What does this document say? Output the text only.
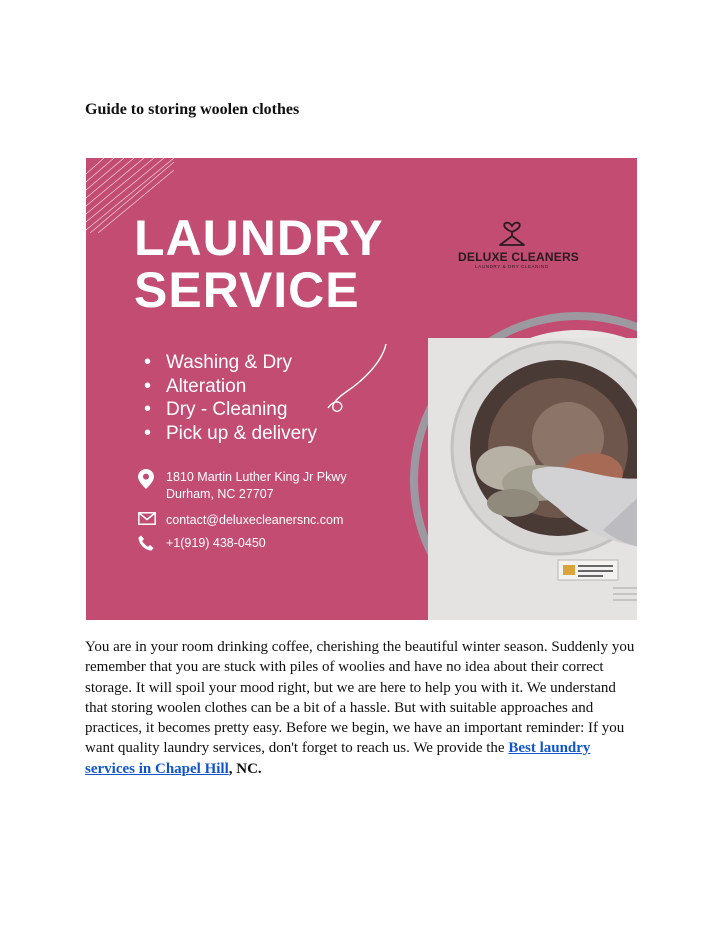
Guide to storing woolen clothes
LAUNDRY
SERVICE
DELUXE CLEANERS
LAUNDRY & DRY CLEANING
• Washing & Dry
• Alteration
• Dry - Cleaning
• Pick up & delivery
1810 Martin Luther King Jr Pkwy
Durham, NC 27707
contact@deluxecleanersnc.com
+1(919) 438-0450

You are in your room drinking coffee, cherishing the beautiful winter season. Suddenly you remember that you are stuck with piles of woolies and have no idea about their correct storage. It will spoil your mood right, but we are here to help you with it. We understand that storing woolen clothes can be a bit of a hassle. But with suitable approaches and practices, it becomes pretty easy. Before we begin, we have an important reminder: If you want quality laundry services, don't forget to reach us. We provide the Best laundry services in Chapel Hill, NC.
